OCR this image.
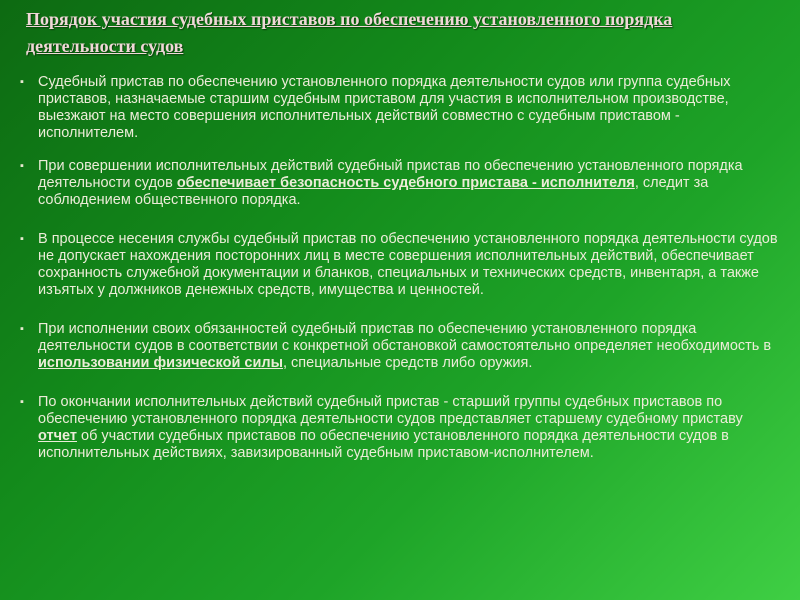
Порядок участия судебных приставов по обеспечению установленного порядка деятельности судов
▪ Судебный пристав по обеспечению установленного порядка деятельности судов или группа судебных приставов, назначаемые старшим судебным приставом для участия в исполнительном производстве, выезжают на место совершения исполнительных действий совместно с судебным приставом - исполнителем.
▪ При совершении исполнительных действий судебный пристав по обеспечению установленного порядка деятельности судов обеспечивает безопасность судебного пристава - исполнителя, следит за соблюдением общественного порядка.
▪ В процессе несения службы судебный пристав по обеспечению установленного порядка деятельности судов не допускает нахождения посторонних лиц в месте совершения исполнительных действий, обеспечивает сохранность служебной документации и бланков, специальных и технических средств, инвентаря, а также изъятых у должников денежных средств, имущества и ценностей.
▪ При исполнении своих обязанностей судебный пристав по обеспечению установленного порядка деятельности судов в соответствии с конкретной обстановкой самостоятельно определяет необходимость в использовании физической силы, специальные средств либо оружия.
▪ По окончании исполнительных действий судебный пристав - старший группы судебных приставов по обеспечению установленного порядка деятельности судов представляет старшему судебному приставу отчет об участии судебных приставов по обеспечению установленного порядка деятельности судов в исполнительных действиях, завизированный судебным приставом-исполнителем.
